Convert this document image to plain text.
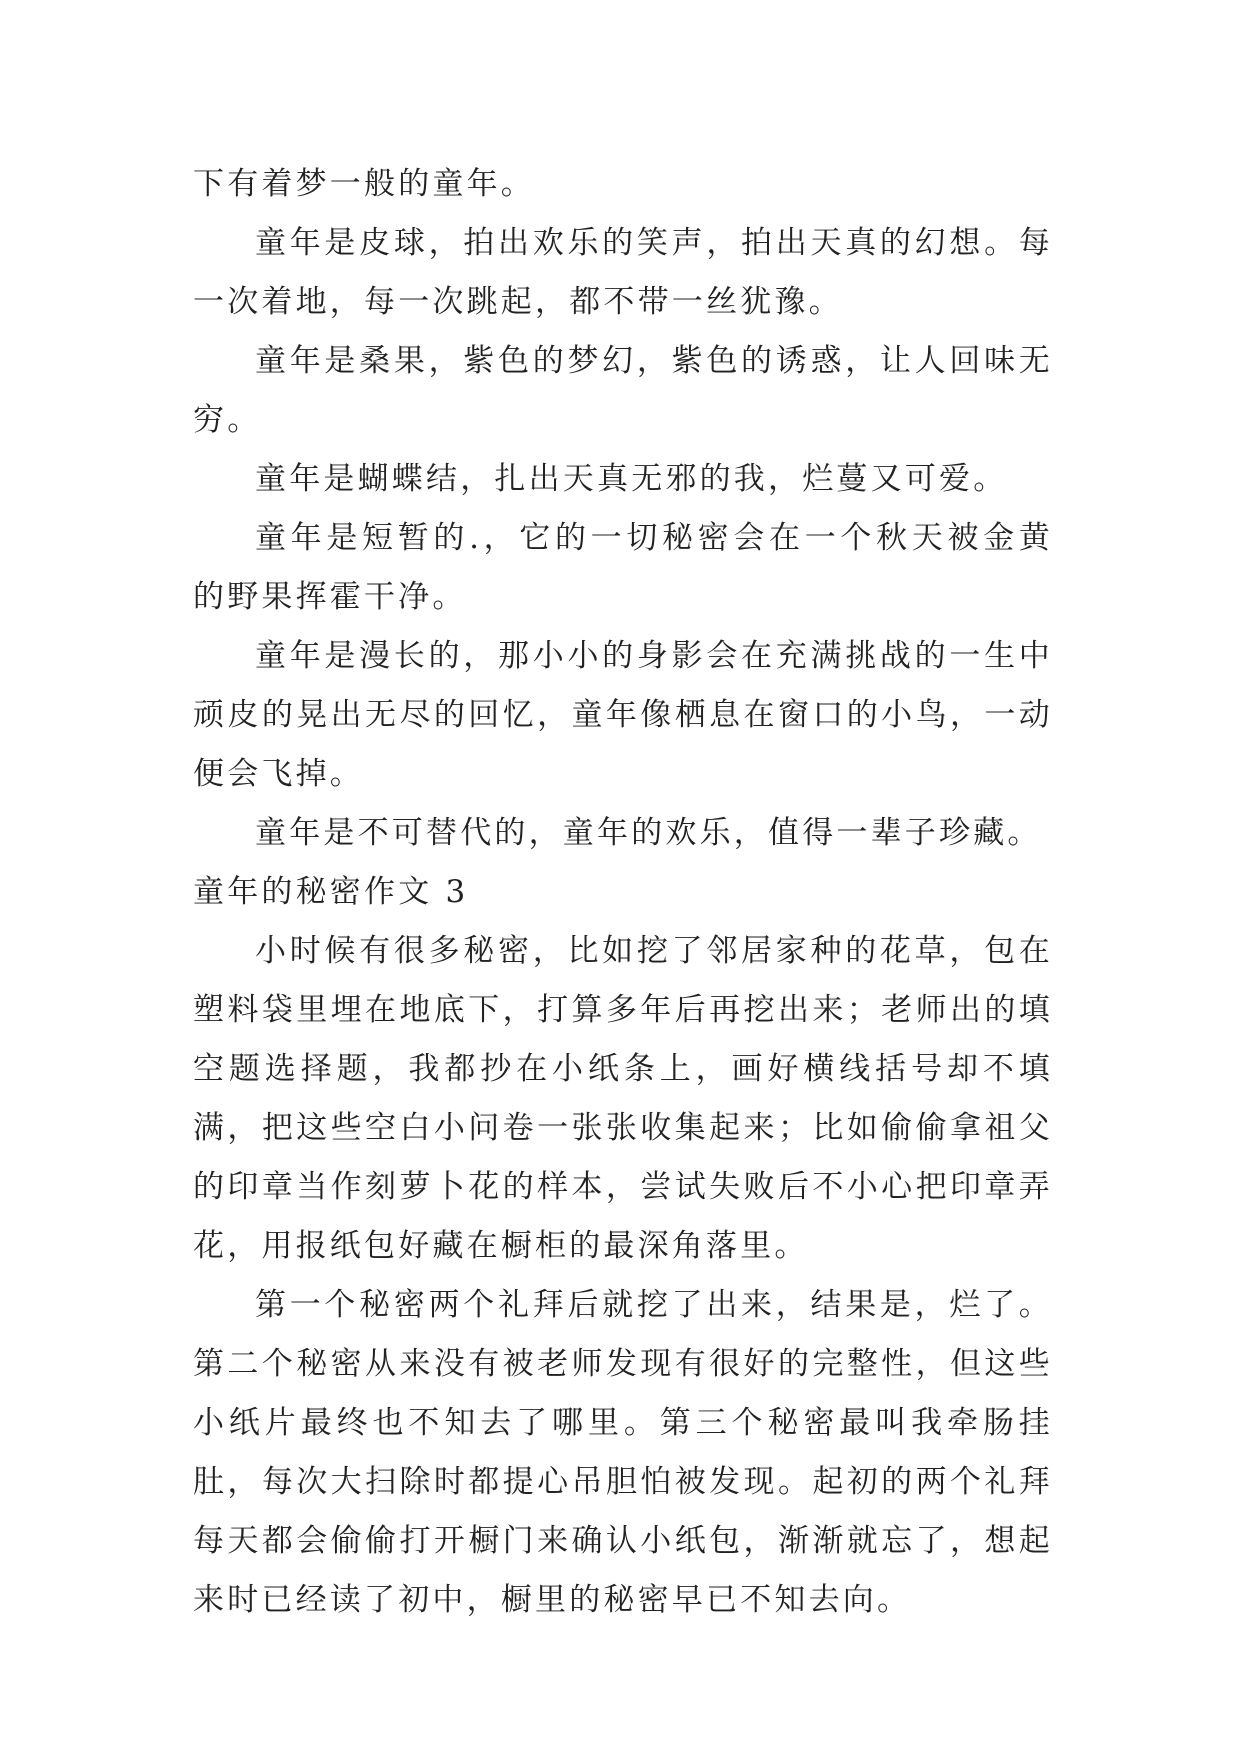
下有着梦一般的童年。

童年是皮球，拍出欢乐的笑声，拍出天真的幻想。每一次着地，每一次跳起，都不带一丝犹豫。

童年是桑果，紫色的梦幻，紫色的诱惑，让人回味无穷。

童年是蝴蝶结，扎出天真无邪的我，烂蔓又可爱。

童年是短暂的.，它的一切秘密会在一个秋天被金黄的野果挥霍干净。

童年是漫长的，那小小的身影会在充满挑战的一生中顽皮的晃出无尽的回忆，童年像栖息在窗口的小鸟，一动便会飞掉。

童年是不可替代的，童年的欢乐，值得一辈子珍藏。

童年的秘密作文 3

小时候有很多秘密，比如挖了邻居家种的花草，包在塑料袋里埋在地底下，打算多年后再挖出来；老师出的填空题选择题，我都抄在小纸条上，画好横线括号却不填满，把这些空白小问卷一张张收集起来；比如偷偷拿祖父的印章当作刻萝卜花的样本，尝试失败后不小心把印章弄花，用报纸包好藏在橱柜的最深角落里。

第一个秘密两个礼拜后就挖了出来，结果是，烂了。第二个秘密从来没有被老师发现有很好的完整性，但这些小纸片最终也不知去了哪里。第三个秘密最叫我牵肠挂肚，每次大扫除时都提心吊胆怕被发现。起初的两个礼拜每天都会偷偷打开橱门来确认小纸包，渐渐就忘了，想起来时已经读了初中，橱里的秘密早已不知去向。
